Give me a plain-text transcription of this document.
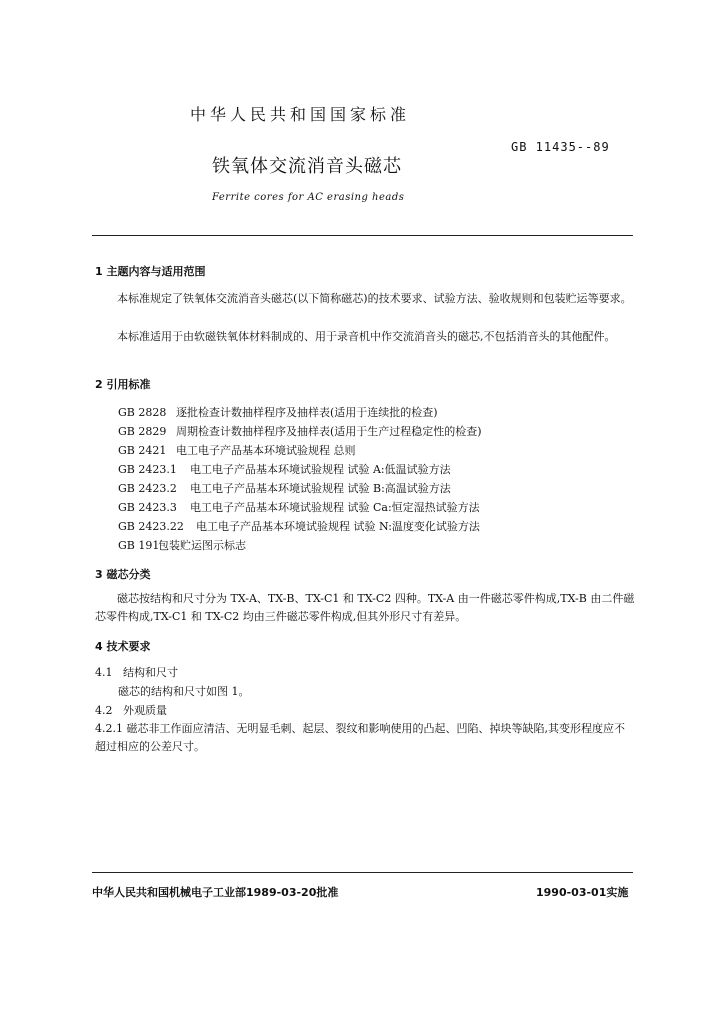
中华人民共和国国家标准
GB 11435--89
铁氧体交流消音头磁芯
Ferrite cores for AC erasing heads
1 主题内容与适用范围
本标准规定了铁氧体交流消音头磁芯(以下简称磁芯)的技术要求、试验方法、验收规则和包装贮运等要求。
本标准适用于由软磁铁氧体材料制成的、用于录音机中作交流消音头的磁芯,不包括消音头的其他配件。
2 引用标准
GB 2828 逐批检查计数抽样程序及抽样表(适用于连续批的检查)
GB 2829 周期检查计数抽样程序及抽样表(适用于生产过程稳定性的检查)
GB 2421 电工电子产品基本环境试验规程 总则
GB 2423.1 电工电子产品基本环境试验规程 试验 A:低温试验方法
GB 2423.2 电工电子产品基本环境试验规程 试验 B:高温试验方法
GB 2423.3 电工电子产品基本环境试验规程 试验 Ca:恒定湿热试验方法
GB 2423.22 电工电子产品基本环境试验规程 试验 N:温度变化试验方法
GB 191包装贮运图示标志
3 磁芯分类
磁芯按结构和尺寸分为 TX-A、TX-B、TX-C1 和 TX-C2 四种。TX-A 由一件磁芯零件构成,TX-B 由二件磁芯零件构成,TX-C1 和 TX-C2 均由三件磁芯零件构成,但其外形尺寸有差异。
4 技术要求
4.1 结构和尺寸
磁芯的结构和尺寸如图 1。
4.2 外观质量
4.2.1 磁芯非工作面应清洁、无明显毛刺、起层、裂纹和影响使用的凸起、凹陷、掉块等缺陷,其变形程度应不超过相应的公差尺寸。
中华人民共和国机械电子工业部1989-03-20批准	1990-03-01实施
